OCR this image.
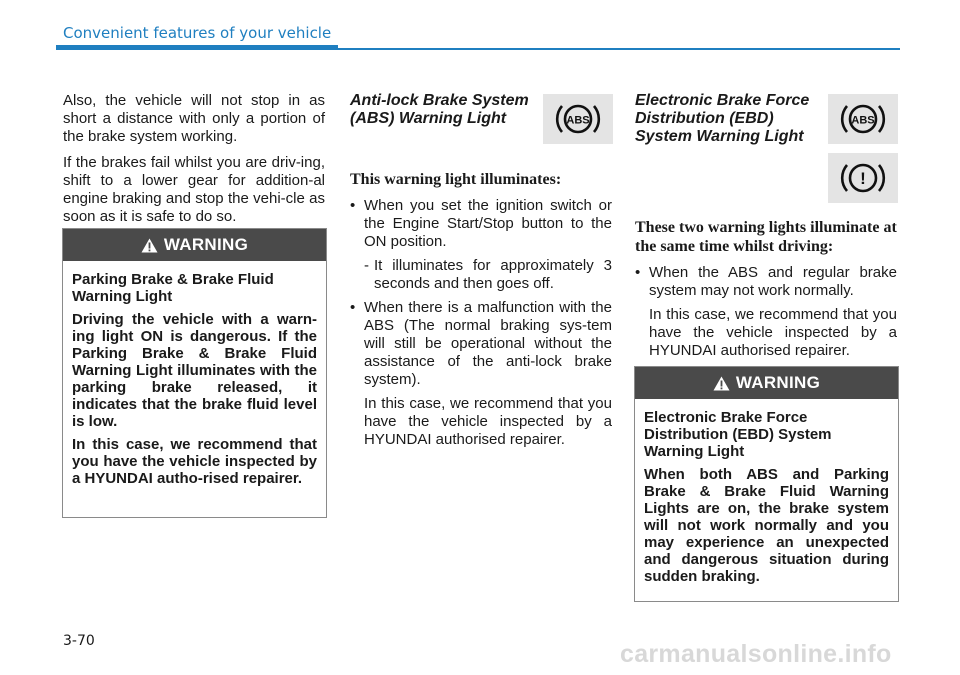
Convenient features of your vehicle

Also, the vehicle will not stop in as short a distance with only a portion of the brake system working.

If the brakes fail whilst you are driv-ing, shift to a lower gear for addition-al engine braking and stop the vehi-cle as soon as it is safe to do so.

WARNING

Parking Brake & Brake Fluid Warning Light

Driving the vehicle with a warn-ing light ON is dangerous. If the Parking Brake & Brake Fluid Warning Light illuminates with the parking brake released, it indicates that the brake fluid level is low.

In this case, we recommend that you have the vehicle inspected by a HYUNDAI autho-rised repairer.

Anti-lock Brake System (ABS) Warning Light

This warning light illuminates:

• When you set the ignition switch or the Engine Start/Stop button to the ON position.
- It illuminates for approximately 3 seconds and then goes off.
• When there is a malfunction with the ABS (The normal braking sys-tem will still be operational without the assistance of the anti-lock brake system).

In this case, we recommend that you have the vehicle inspected by a HYUNDAI authorised repairer.

ABS

Electronic Brake Force Distribution (EBD) System Warning Light

These two warning lights illuminate at the same time whilst driving:

• When the ABS and regular brake system may not work normally.

In this case, we recommend that you have the vehicle inspected by a HYUNDAI authorised repairer.

ABS
!
WARNING

Electronic Brake Force Distribution (EBD) System Warning Light

When both ABS and Parking Brake & Brake Fluid Warning Lights are on, the brake system will not work normally and you may experience an unexpected and dangerous situation during sudden braking.

3-70	carmanualsonline.info
